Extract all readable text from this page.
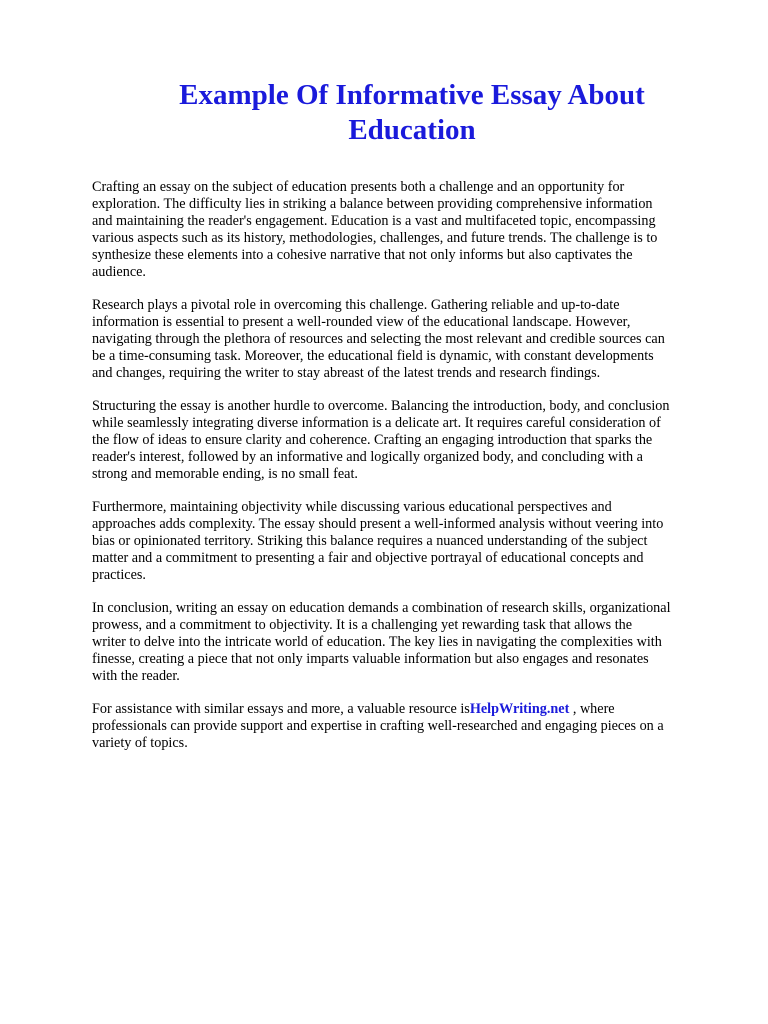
Example Of Informative Essay About
Education

Crafting an essay on the subject of education presents both a challenge and an opportunity for
exploration. The difficulty lies in striking a balance between providing comprehensive information
and maintaining the reader's engagement. Education is a vast and multifaceted topic, encompassing
various aspects such as its history, methodologies, challenges, and future trends. The challenge is to
synthesize these elements into a cohesive narrative that not only informs but also captivates the
audience.

Research plays a pivotal role in overcoming this challenge. Gathering reliable and up-to-date
information is essential to present a well-rounded view of the educational landscape. However,
navigating through the plethora of resources and selecting the most relevant and credible sources can
be a time-consuming task. Moreover, the educational field is dynamic, with constant developments
and changes, requiring the writer to stay abreast of the latest trends and research findings.

Structuring the essay is another hurdle to overcome. Balancing the introduction, body, and conclusion
while seamlessly integrating diverse information is a delicate art. It requires careful consideration of
the flow of ideas to ensure clarity and coherence. Crafting an engaging introduction that sparks the
reader's interest, followed by an informative and logically organized body, and concluding with a
strong and memorable ending, is no small feat.

Furthermore, maintaining objectivity while discussing various educational perspectives and
approaches adds complexity. The essay should present a well-informed analysis without veering into
bias or opinionated territory. Striking this balance requires a nuanced understanding of the subject
matter and a commitment to presenting a fair and objective portrayal of educational concepts and
practices.

In conclusion, writing an essay on education demands a combination of research skills, organizational
prowess, and a commitment to objectivity. It is a challenging yet rewarding task that allows the
writer to delve into the intricate world of education. The key lies in navigating the complexities with
finesse, creating a piece that not only imparts valuable information but also engages and resonates
with the reader.

For assistance with similar essays and more, a valuable resource isHelpWriting.net , where
professionals can provide support and expertise in crafting well-researched and engaging pieces on a
variety of topics.
